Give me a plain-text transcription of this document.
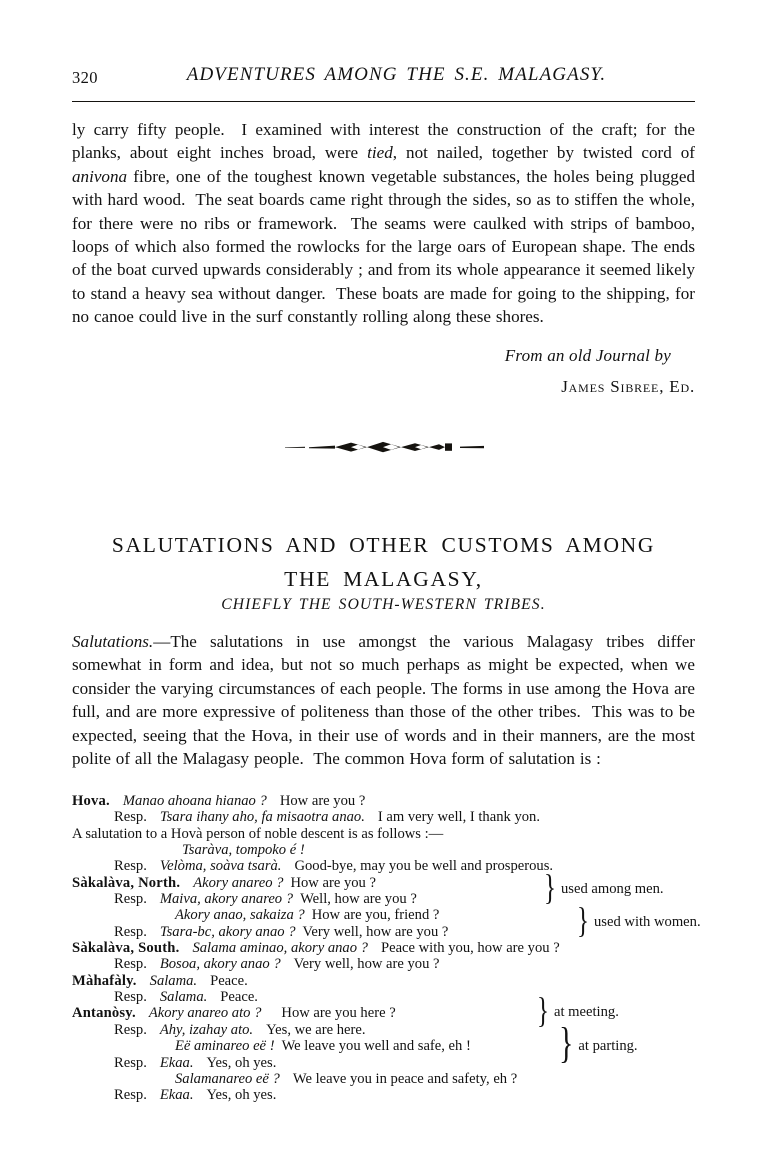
320	ADVENTURES AMONG THE S.E. MALAGASY.

ly carry fifty people.  I examined with interest the construction of the craft; for the planks, about eight inches broad, were tied, not nailed, together by twisted cord of anivona fibre, one of the toughest known vegetable substances, the holes being plugged with hard wood.  The seat boards came right through the sides, so as to stiffen the whole, for there were no ribs or framework.  The seams were caulked with strips of bamboo, loops of which also formed the rowlocks for the large oars of European shape. The ends of the boat curved upwards considerably ; and from its whole appearance it seemed likely to stand a heavy sea without danger.  These boats are made for going to the shipping, for no canoe could live in the surf constantly rolling along these shores.

From an old Journal by
James Sibree, Ed.
SALUTATIONS AND OTHER CUSTOMS AMONG
THE MALAGASY,
CHIEFLY THE SOUTH-WESTERN TRIBES.

Salutations.—The salutations in use amongst the various Malagasy tribes differ somewhat in form and idea, but not so much perhaps as might be expected, when we consider the varying circumstances of each people. The forms in use among the Hova are full, and are more expressive of politeness than those of the other tribes.  This was to be expected, seeing that the Hova, in their use of words and in their manners, are the most polite of all the Malagasy people.  The common Hova form of salutation is :

Hova. Manao ahoana hianao ? How are you ?
Resp. Tsara ihany aho, fa misaotra anao. I am very well, I thank yon.
A salutation to a Hovà person of noble descent is as follows :—
Tsaràva, tompoko é !
Resp. Velòma, soàva tsarà. Good-bye, may you be well and prosperous.
Sàkalàva, North. Akory anareo ? How are you ?
Resp. Maiva, akory anareo ? Well, how are you ?
Akory anao, sakaiza ? How are you, friend ?
Resp. Tsara-bc, akory anao ? Very well, how are you ?
Sàkalàva, South. Salama aminao, akory anao ? Peace with you, how are you ?
Resp. Bosoa, akory anao ? Very well, how are you ?
Màhafàly. Salama. Peace.
Resp. Salama. Peace.
Antanòsy. Akory anareo ato ? How are you here ?
Resp. Ahy, izahay ato. Yes, we are here.
Eë aminareo eë ! We leave you well and safe, eh !
Resp. Ekaa. Yes, oh yes.
Salamanareo eë ? We leave you in peace and safety, eh ?
Resp. Ekaa. Yes, oh yes.
} used among men.
} used with women.
} at meeting.
} at parting.
